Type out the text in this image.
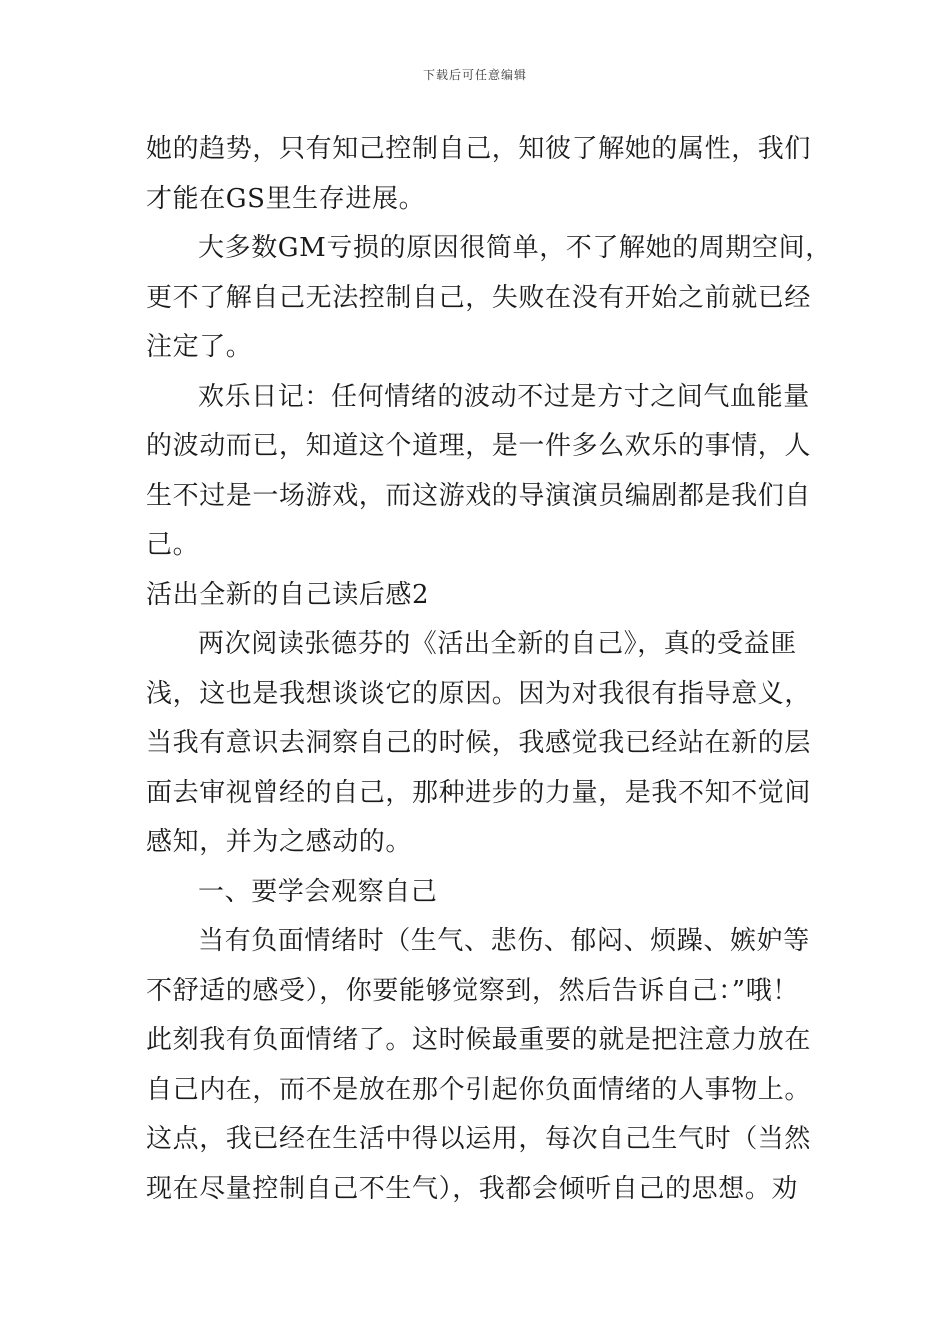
下载后可任意编辑
她的趋势，只有知己控制自己，知彼了解她的属性，我们
才能在GS里生存进展。
大多数GM亏损的原因很简单，不了解她的周期空间，
更不了解自己无法控制自己，失败在没有开始之前就已经
注定了。
欢乐日记：任何情绪的波动不过是方寸之间气血能量
的波动而已，知道这个道理，是一件多么欢乐的事情，人
生不过是一场游戏，而这游戏的导演演员编剧都是我们自
己。
活出全新的自己读后感2
两次阅读张德芬的《活出全新的自己》，真的受益匪
浅，这也是我想谈谈它的原因。因为对我很有指导意义，
当我有意识去洞察自己的时候，我感觉我已经站在新的层
面去审视曾经的自己，那种进步的力量，是我不知不觉间
感知，并为之感动的。
一、要学会观察自己
当有负面情绪时（生气、悲伤、郁闷、烦躁、嫉妒等
不舒适的感受），你要能够觉察到，然后告诉自己：”哦！
此刻我有负面情绪了。这时候最重要的就是把注意力放在
自己内在，而不是放在那个引起你负面情绪的人事物上。
这点，我已经在生活中得以运用，每次自己生气时（当然
现在尽量控制自己不生气），我都会倾听自己的思想。劝
